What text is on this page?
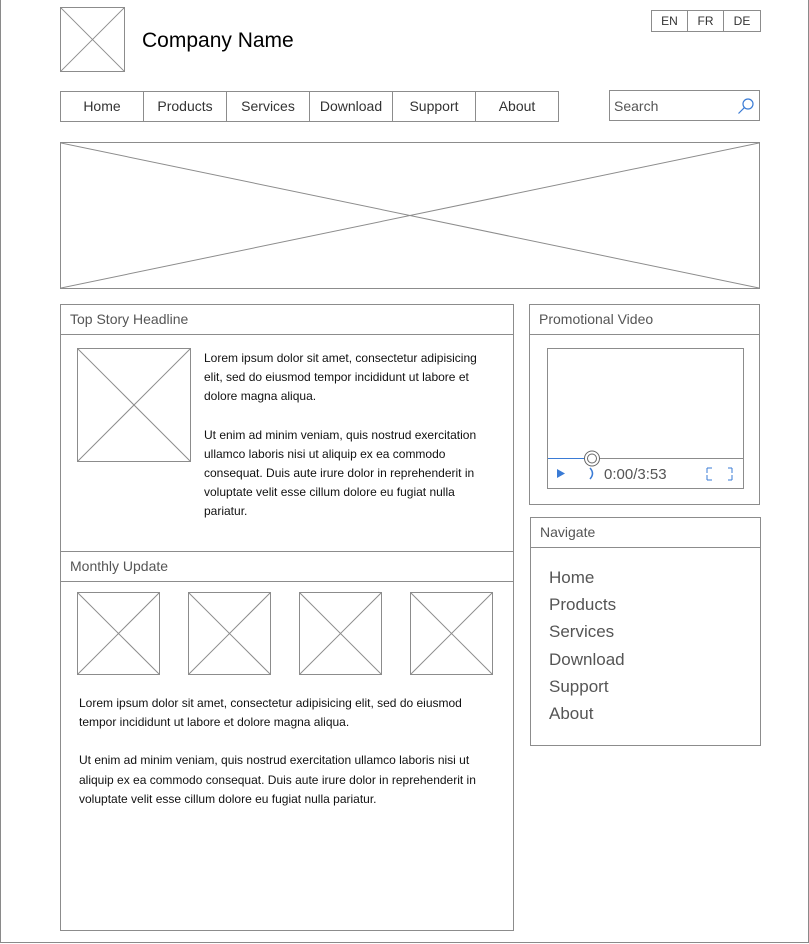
Company Name
EN	FR	DE
Home	Products	Services	Download	Support	About
Search
Top Story Headline

Lorem ipsum dolor sit amet, consectetur adipisicing elit, sed do eiusmod tempor incididunt ut labore et dolore magna aliqua.

Ut enim ad minim veniam, quis nostrud exercitation ullamco laboris nisi ut aliquip ex ea commodo consequat. Duis aute irure dolor in reprehenderit in voluptate velit esse cillum dolore eu fugiat nulla pariatur.

Monthly Update

Lorem ipsum dolor sit amet, consectetur adipisicing elit, sed do eiusmod tempor incididunt ut labore et dolore magna aliqua.

Ut enim ad minim veniam, quis nostrud exercitation ullamco laboris nisi ut aliquip ex ea commodo consequat. Duis aute irure dolor in reprehenderit in voluptate velit esse cillum dolore eu fugiat nulla pariatur.

Promotional Video
0:00/3:53
Navigate
Home
Products
Services
Download
Support
About
